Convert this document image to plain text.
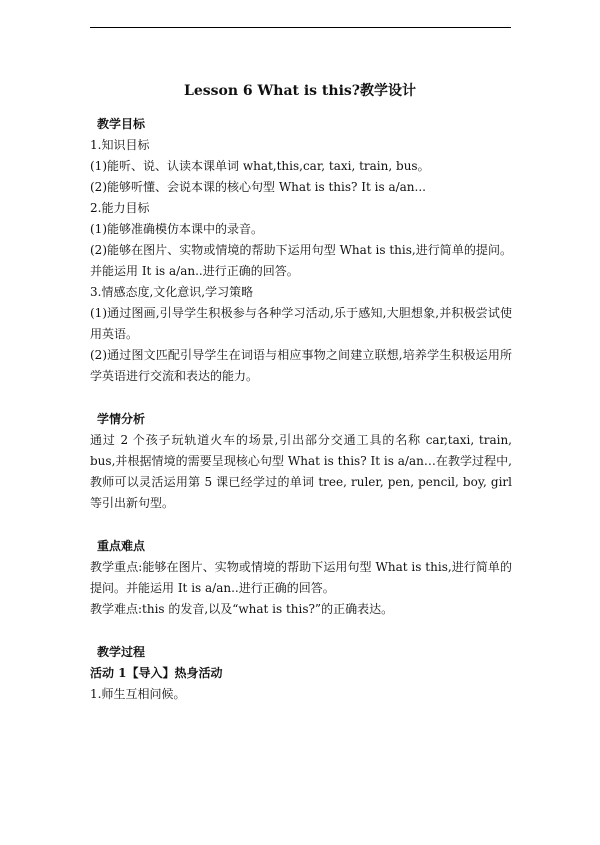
Lesson 6 What is this?教学设计

教学目标

1.知识目标

(1)能听、说、认读本课单词 what,this,car, taxi, train, bus。

(2)能够听懂、会说本课的核心句型 What is this? It is a/an...

2.能力目标

(1)能够准确模仿本课中的录音。

(2)能够在图片、实物或情境的帮助下运用句型 What is this,进行简单的提问。并能运用 It is a/an..进行正确的回答。

3.情感态度,文化意识,学习策略

(1)通过图画,引导学生积极参与各种学习活动,乐于感知,大胆想象,并积极尝试使用英语。

(2)通过图文匹配引导学生在词语与相应事物之间建立联想,培养学生积极运用所学英语进行交流和表达的能力。

学情分析

通过 2 个孩子玩轨道火车的场景,引出部分交通工具的名称 car,taxi, train, bus,并根据情境的需要呈现核心句型 What is this? It is a/an…在教学过程中,教师可以灵活运用第 5 课已经学过的单词 tree, ruler, pen, pencil, boy, girl 等引出新句型。

重点难点

教学重点:能够在图片、实物或情境的帮助下运用句型 What is this,进行简单的提问。并能运用 It is a/an..进行正确的回答。

教学难点:this 的发音,以及“what is this?”的正确表达。

教学过程

活动 1【导入】热身活动

1.师生互相问候。
